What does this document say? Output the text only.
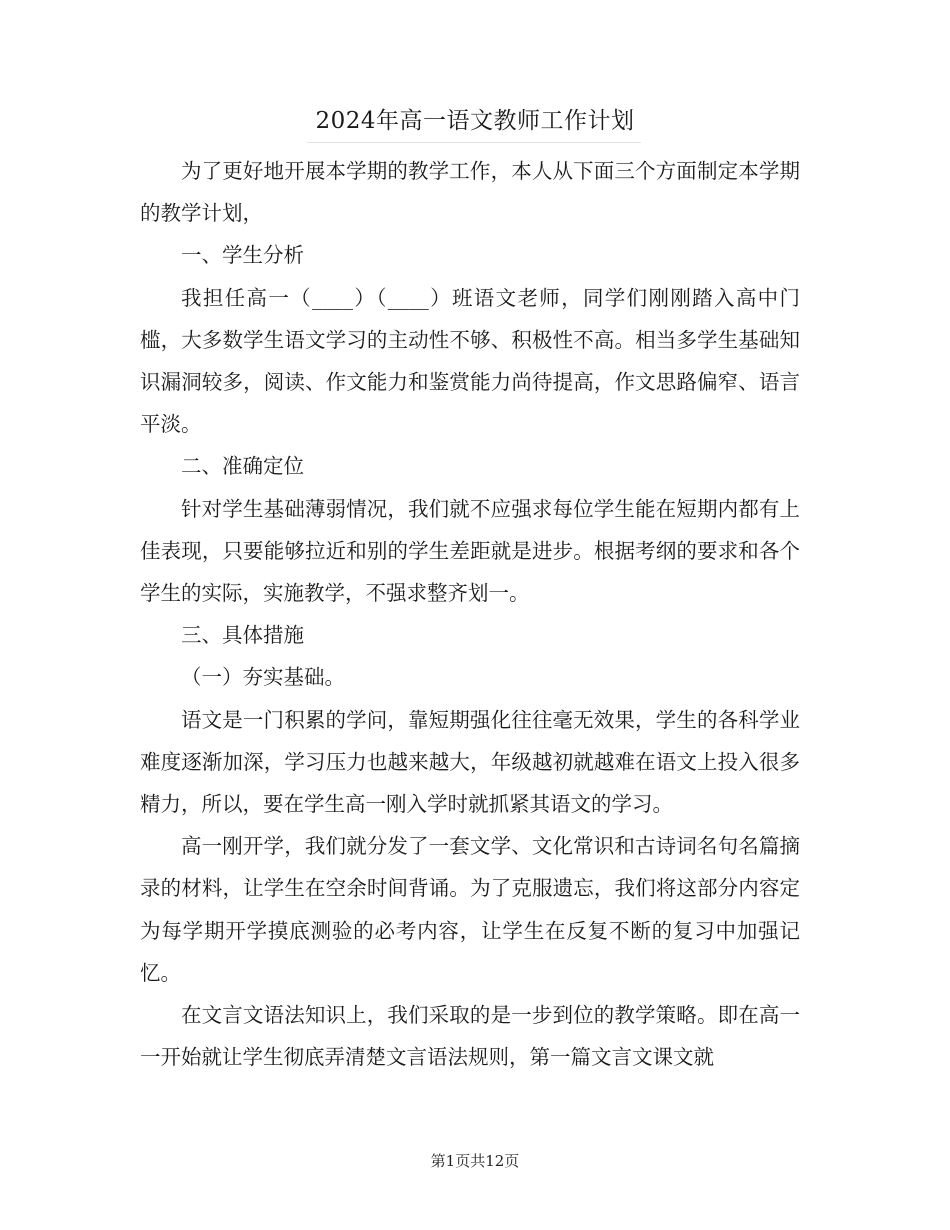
2024年高一语文教师工作计划

为了更好地开展本学期的教学工作，本人从下面三个方面制定本学期的教学计划，

一、学生分析

我担任高一（____）（____）班语文老师，同学们刚刚踏入高中门槛，大多数学生语文学习的主动性不够、积极性不高。相当多学生基础知识漏洞较多，阅读、作文能力和鉴赏能力尚待提高，作文思路偏窄、语言平淡。

二、准确定位

针对学生基础薄弱情况，我们就不应强求每位学生能在短期内都有上佳表现，只要能够拉近和别的学生差距就是进步。根据考纲的要求和各个学生的实际，实施教学，不强求整齐划一。

三、具体措施

（一）夯实基础。

语文是一门积累的学问，靠短期强化往往毫无效果，学生的各科学业难度逐渐加深，学习压力也越来越大，年级越初就越难在语文上投入很多精力，所以，要在学生高一刚入学时就抓紧其语文的学习。

高一刚开学，我们就分发了一套文学、文化常识和古诗词名句名篇摘录的材料，让学生在空余时间背诵。为了克服遗忘，我们将这部分内容定为每学期开学摸底测验的必考内容，让学生在反复不断的复习中加强记忆。

在文言文语法知识上，我们采取的是一步到位的教学策略。即在高一一开始就让学生彻底弄清楚文言语法规则，第一篇文言文课文就

第1页共12页
